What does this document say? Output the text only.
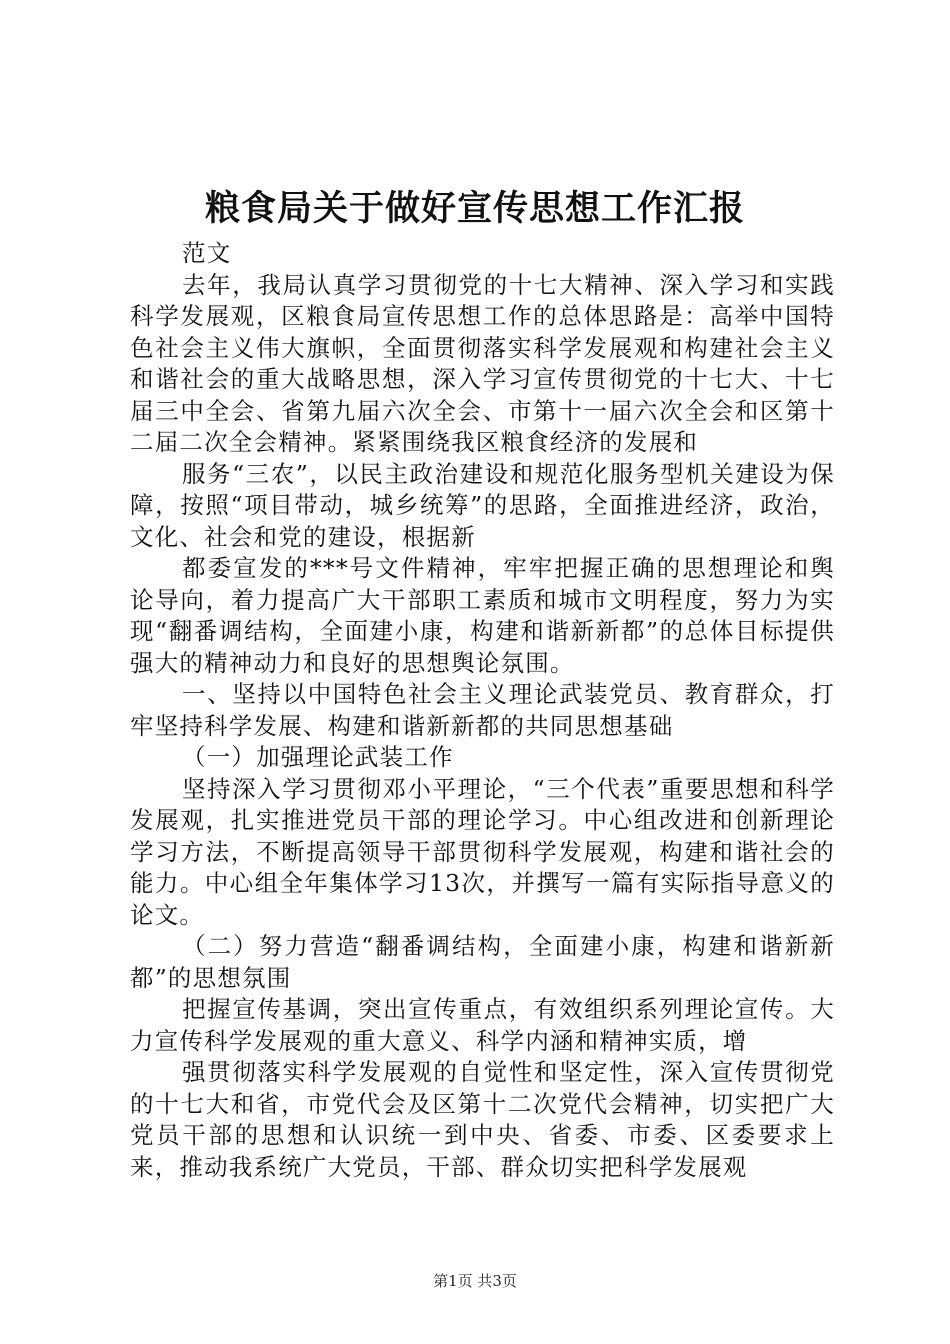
粮食局关于做好宣传思想工作汇报

范文

去年，我局认真学习贯彻党的十七大精神、深入学习和实践科学发展观，区粮食局宣传思想工作的总体思路是：高举中国特色社会主义伟大旗帜，全面贯彻落实科学发展观和构建社会主义和谐社会的重大战略思想，深入学习宣传贯彻党的十七大、十七届三中全会、省第九届六次全会、市第十一届六次全会和区第十二届二次全会精神。紧紧围绕我区粮食经济的发展和

服务“三农”，以民主政治建设和规范化服务型机关建设为保障，按照“项目带动，城乡统筹”的思路，全面推进经济，政治，文化、社会和党的建设，根据新

都委宣发的***号文件精神，牢牢把握正确的思想理论和舆论导向，着力提高广大干部职工素质和城市文明程度，努力为实现“翻番调结构，全面建小康，构建和谐新新都”的总体目标提供强大的精神动力和良好的思想舆论氛围。

一、坚持以中国特色社会主义理论武装党员、教育群众，打牢坚持科学发展、构建和谐新新都的共同思想基础

（一）加强理论武装工作

坚持深入学习贯彻邓小平理论，“三个代表”重要思想和科学发展观，扎实推进党员干部的理论学习。中心组改进和创新理论学习方法，不断提高领导干部贯彻科学发展观，构建和谐社会的能力。中心组全年集体学习13次，并撰写一篇有实际指导意义的论文。

（二）努力营造“翻番调结构，全面建小康，构建和谐新新都”的思想氛围

把握宣传基调，突出宣传重点，有效组织系列理论宣传。大力宣传科学发展观的重大意义、科学内涵和精神实质，增

强贯彻落实科学发展观的自觉性和坚定性，深入宣传贯彻党的十七大和省，市党代会及区第十二次党代会精神，切实把广大党员干部的思想和认识统一到中央、省委、市委、区委要求上来，推动我系统广大党员，干部、群众切实把科学发展观

第1页 共3页
